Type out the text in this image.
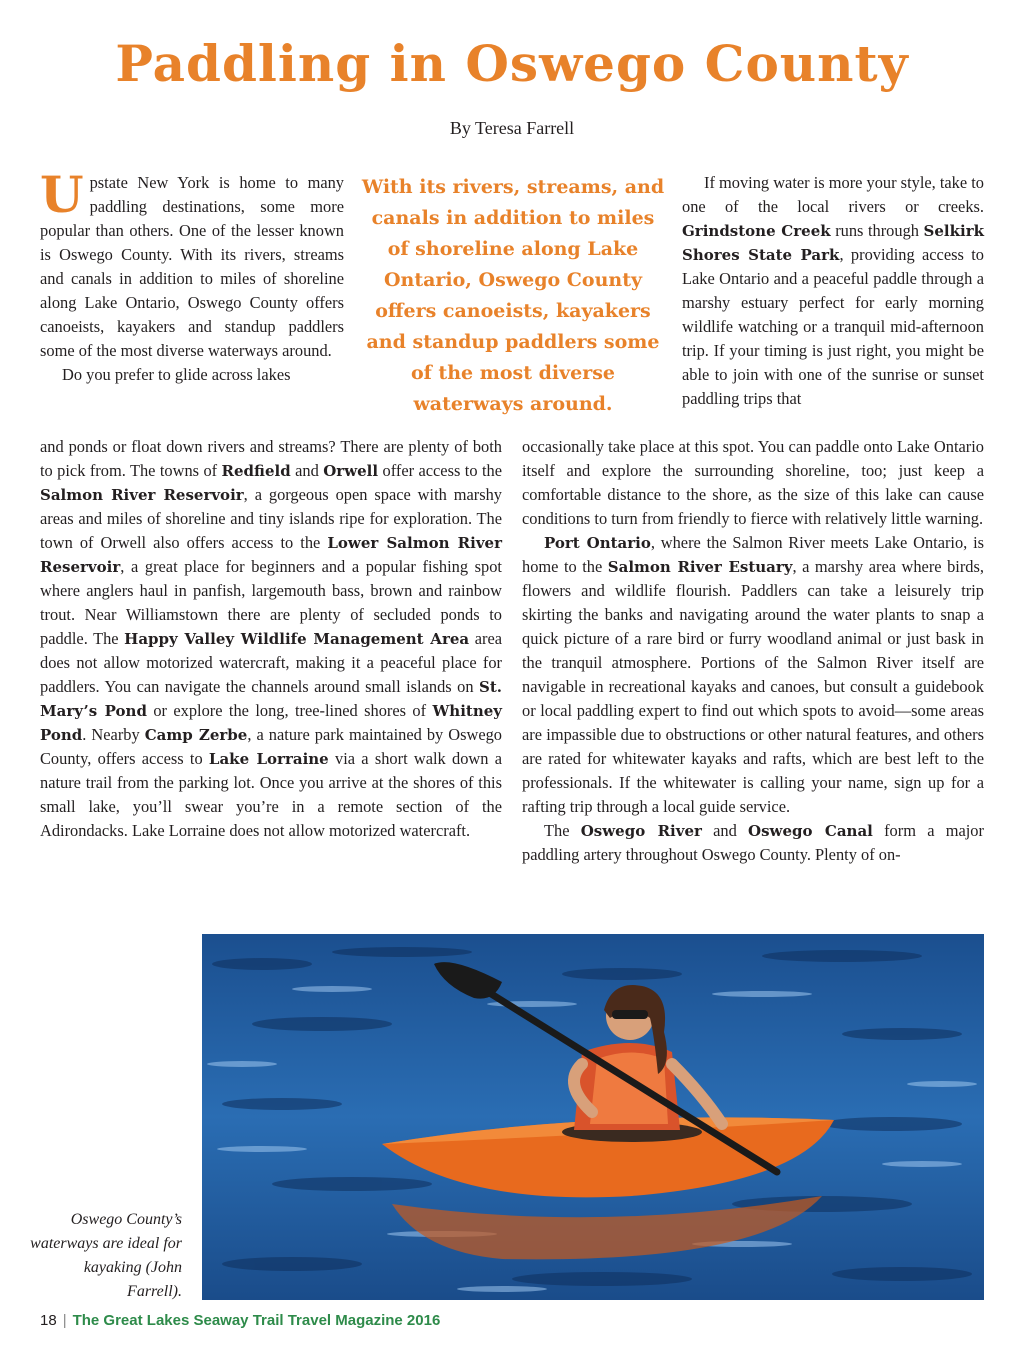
Paddling in Oswego County
By Teresa Farrell

Upstate New York is home to many paddling destinations, some more popular than others. One of the lesser known is Oswego County. With its rivers, streams and canals in addition to miles of shoreline along Lake Ontario, Oswego County offers canoeists, kayakers and standup paddlers some of the most diverse waterways around.

Do you prefer to glide across lakes

With its rivers, streams, and canals in addition to miles of shoreline along Lake Ontario, Oswego County offers canoeists, kayakers and standup paddlers some of the most diverse waterways around.

and ponds or float down rivers and streams? There are plenty of both to pick from. The towns of Redfield and Orwell offer access to the Salmon River Reservoir, a gorgeous open space with marshy areas and miles of shoreline and tiny islands ripe for exploration. The town of Orwell also offers access to the Lower Salmon River Reservoir, a great place for beginners and a popular fishing spot where anglers haul in panfish, largemouth bass, brown and rainbow trout. Near Williamstown there are plenty of secluded ponds to paddle. The Happy Valley Wildlife Management Area area does not allow motorized watercraft, making it a peaceful place for paddlers. You can navigate the channels around small islands on St. Mary’s Pond or explore the long, tree-lined shores of Whitney Pond. Nearby Camp Zerbe, a nature park maintained by Oswego County, offers access to Lake Lorraine via a short walk down a nature trail from the parking lot. Once you arrive at the shores of this small lake, you’ll swear you’re in a remote section of the Adirondacks. Lake Lorraine does not allow motorized watercraft.

If moving water is more your style, take to one of the local rivers or creeks. Grindstone Creek runs through Selkirk Shores State Park, providing access to Lake Ontario and a peaceful paddle through a marshy estuary perfect for early morning wildlife watching or a tranquil mid-afternoon trip. If your timing is just right, you might be able to join with one of the sunrise or sunset paddling trips that

occasionally take place at this spot. You can paddle onto Lake Ontario itself and explore the surrounding shoreline, too; just keep a comfortable distance to the shore, as the size of this lake can cause conditions to turn from friendly to fierce with relatively little warning.

Port Ontario, where the Salmon River meets Lake Ontario, is home to the Salmon River Estuary, a marshy area where birds, flowers and wildlife flourish. Paddlers can take a leisurely trip skirting the banks and navigating around the water plants to snap a quick picture of a rare bird or furry woodland animal or just bask in the tranquil atmosphere. Portions of the Salmon River itself are navigable in recreational kayaks and canoes, but consult a guidebook or local paddling expert to find out which spots to avoid—some areas are impassible due to obstructions or other natural features, and others are rated for whitewater kayaks and rafts, which are best left to the professionals. If the whitewater is calling your name, sign up for a rafting trip through a local guide service.

The Oswego River and Oswego Canal form a major paddling artery throughout Oswego County. Plenty of on-

Oswego County’s waterways are ideal for kayaking (John Farrell).
18 | The Great Lakes Seaway Trail Travel Magazine 2016
